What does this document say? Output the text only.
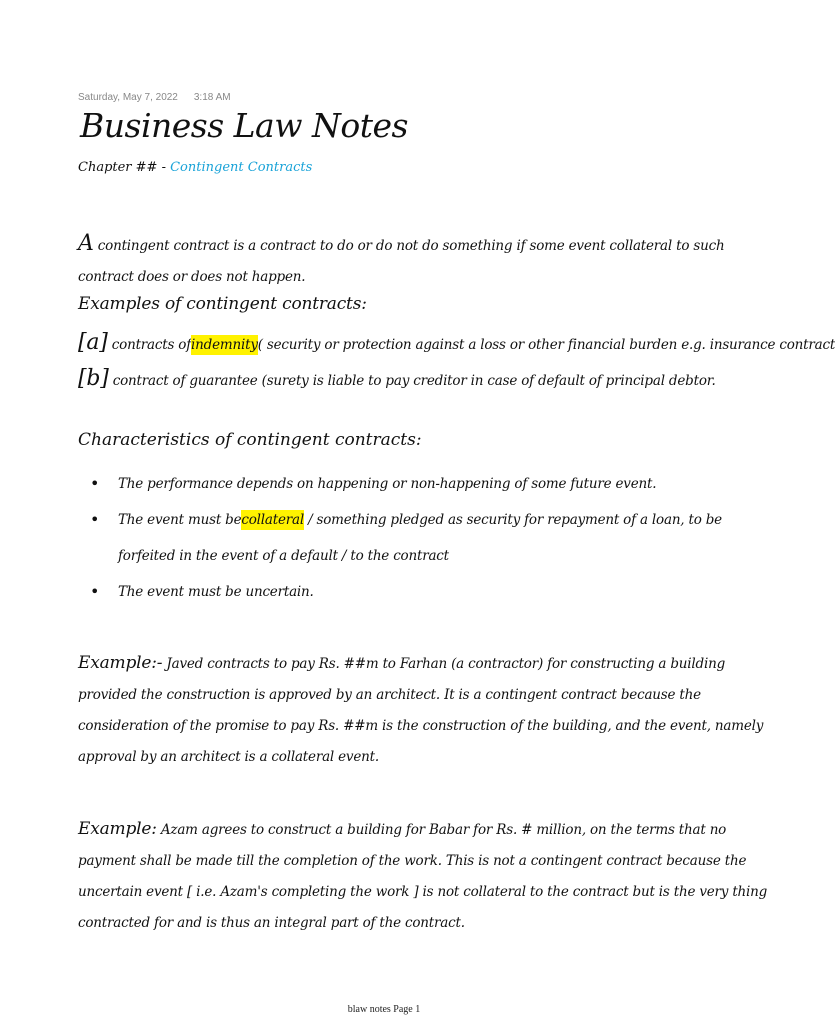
Saturday, May 7, 2022 3:18 AM
Business Law Notes
Chapter ## - Contingent Contracts
A contingent contract is a contract to do or do not do something if some event collateral to such contract does or does not happen.
Examples of contingent contracts:
[a] contracts ofindemnity( security or protection against a loss or other financial burden e.g. insurance contract
[b] contract of guarantee (surety is liable to pay creditor in case of default of principal debtor.
Characteristics of contingent contracts:
• The performance depends on happening or non-happening of some future event.
• The event must becollateral / something pledged as security for repayment of a loan, to be forfeited in the event of a default / to the contract
• The event must be uncertain.
Example:- Javed contracts to pay Rs. ##m to Farhan (a contractor) for constructing a building provided the construction is approved by an architect. It is a contingent contract because the consideration of the promise to pay Rs. ##m is the construction of the building, and the event, namely approval by an architect is a collateral event.
Example: Azam agrees to construct a building for Babar for Rs. # million, on the terms that no payment shall be made till the completion of the work. This is not a contingent contract because the uncertain event [ i.e. Azam's completing the work ] is not collateral to the contract but is the very thing contracted for and is thus an integral part of the contract.
blaw notes Page 1
